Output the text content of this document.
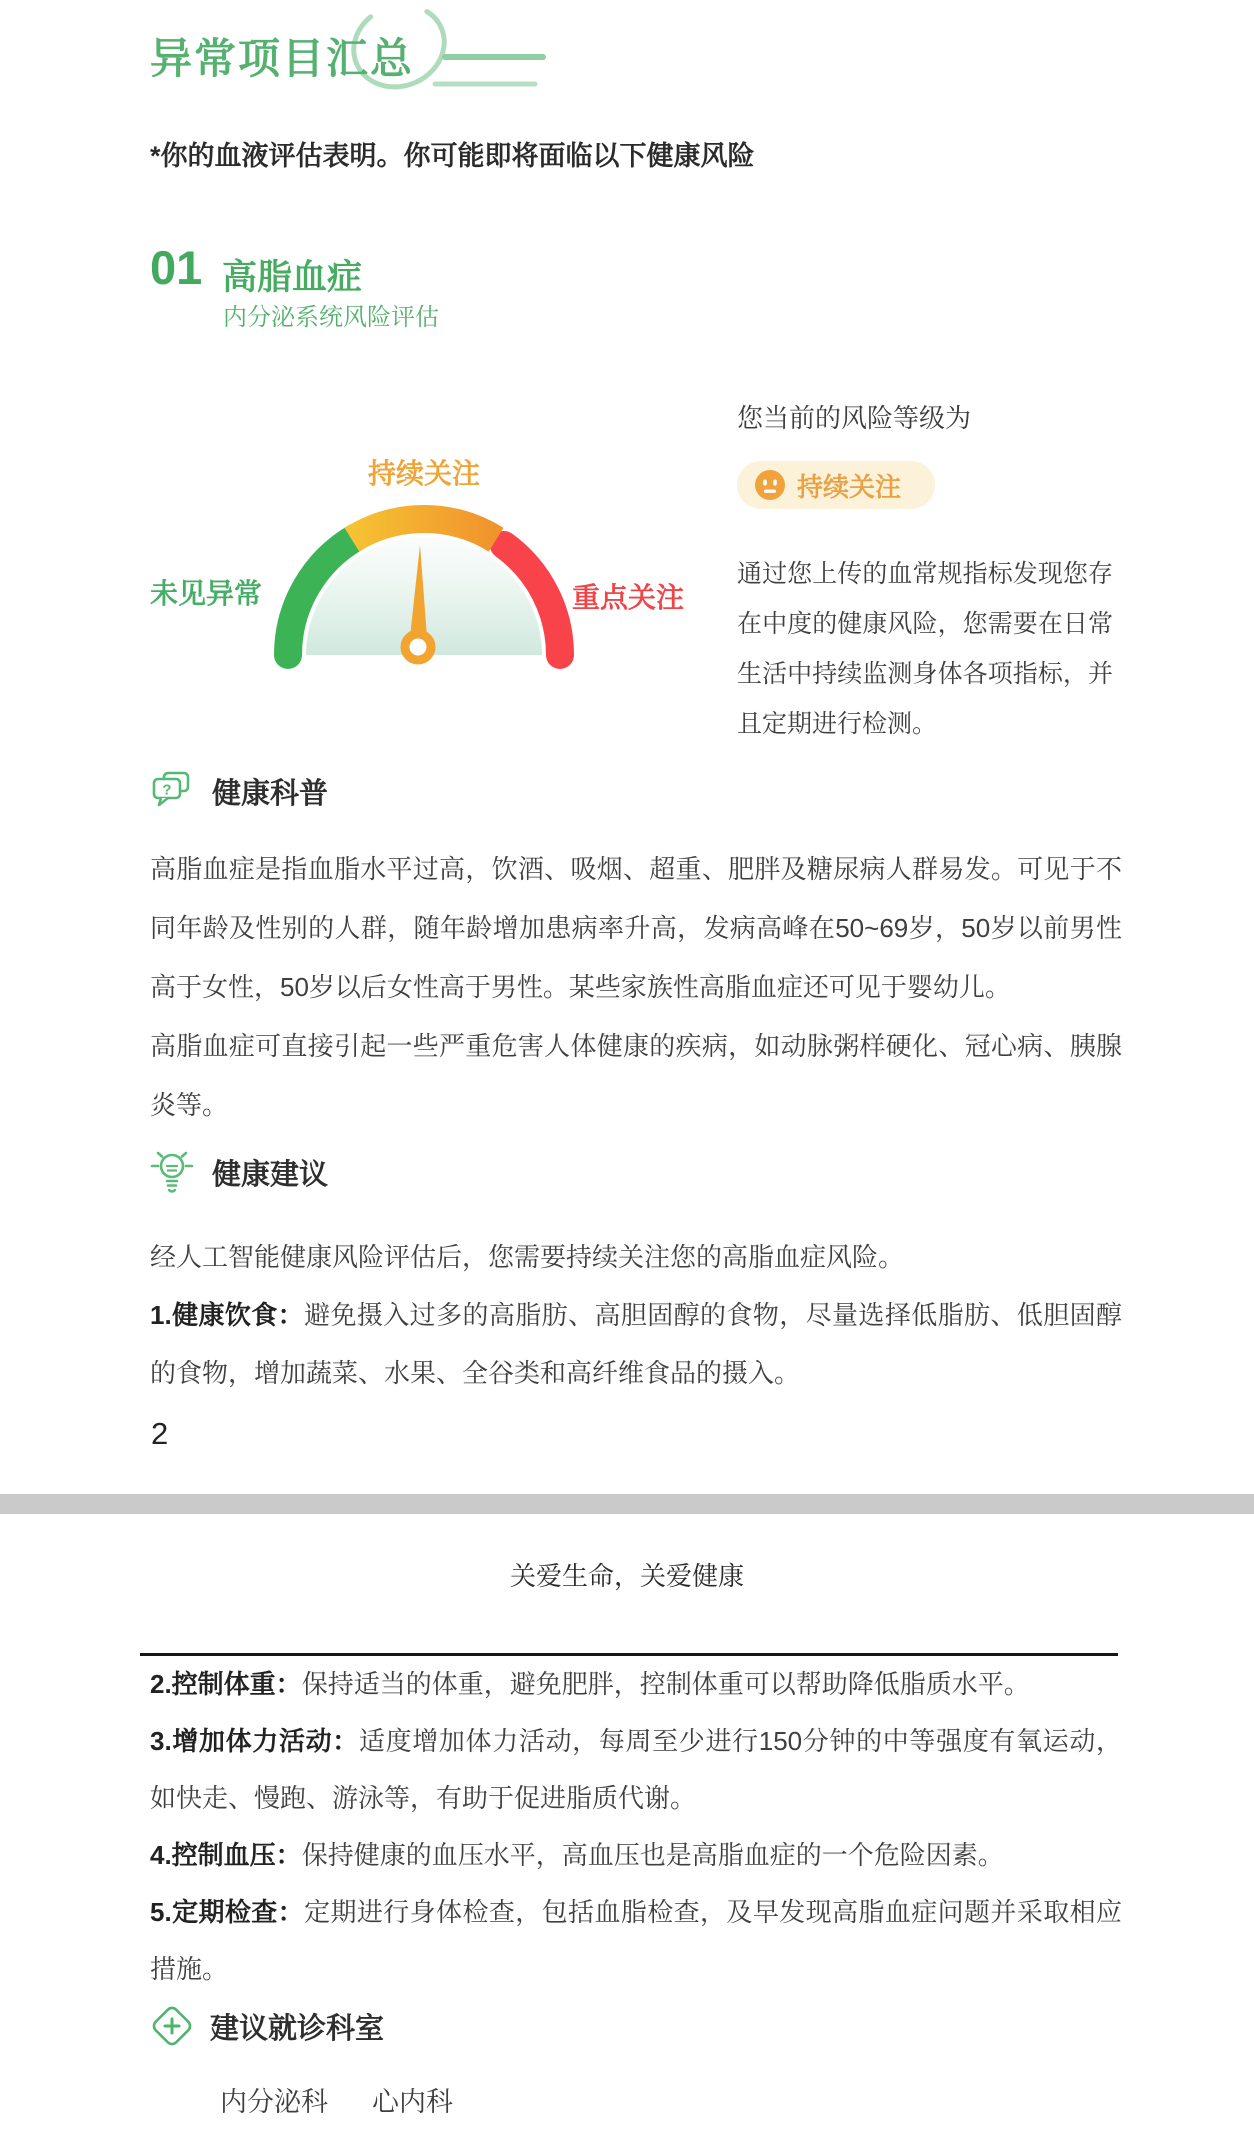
异常项目汇总
*你的血液评估表明。你可能即将面临以下健康风险
01 高脂血症
内分泌系统风险评估
持续关注
未见异常	重点关注
您当前的风险等级为
持续关注
通过您上传的血常规指标发现您存在中度的健康风险，您需要在日常生活中持续监测身体各项指标，并且定期进行检测。
? 健康科普

高脂血症是指血脂水平过高，饮酒、吸烟、超重、肥胖及糖尿病人群易发。可见于不同年龄及性别的人群，随年龄增加患病率升高，发病高峰在50~69岁，50岁以前男性高于女性，50岁以后女性高于男性。某些家族性高脂血症还可见于婴幼儿。

高脂血症可直接引起一些严重危害人体健康的疾病，如动脉粥样硬化、冠心病、胰腺炎等。

健康建议

经人工智能健康风险评估后，您需要持续关注您的高脂血症风险。

1.健康饮食：避免摄入过多的高脂肪、高胆固醇的食物，尽量选择低脂肪、低胆固醇的食物，增加蔬菜、水果、全谷类和高纤维食品的摄入。

2
关爱生命，关爱健康

2.控制体重：保持适当的体重，避免肥胖，控制体重可以帮助降低脂质水平。

3.增加体力活动：适度增加体力活动，每周至少进行150分钟的中等强度有氧运动，如快走、慢跑、游泳等，有助于促进脂质代谢。

4.控制血压：保持健康的血压水平，高血压也是高脂血症的一个危险因素。

5.定期检查：定期进行身体检查，包括血脂检查，及早发现高脂血症问题并采取相应措施。

建议就诊科室
内分泌科 心内科
